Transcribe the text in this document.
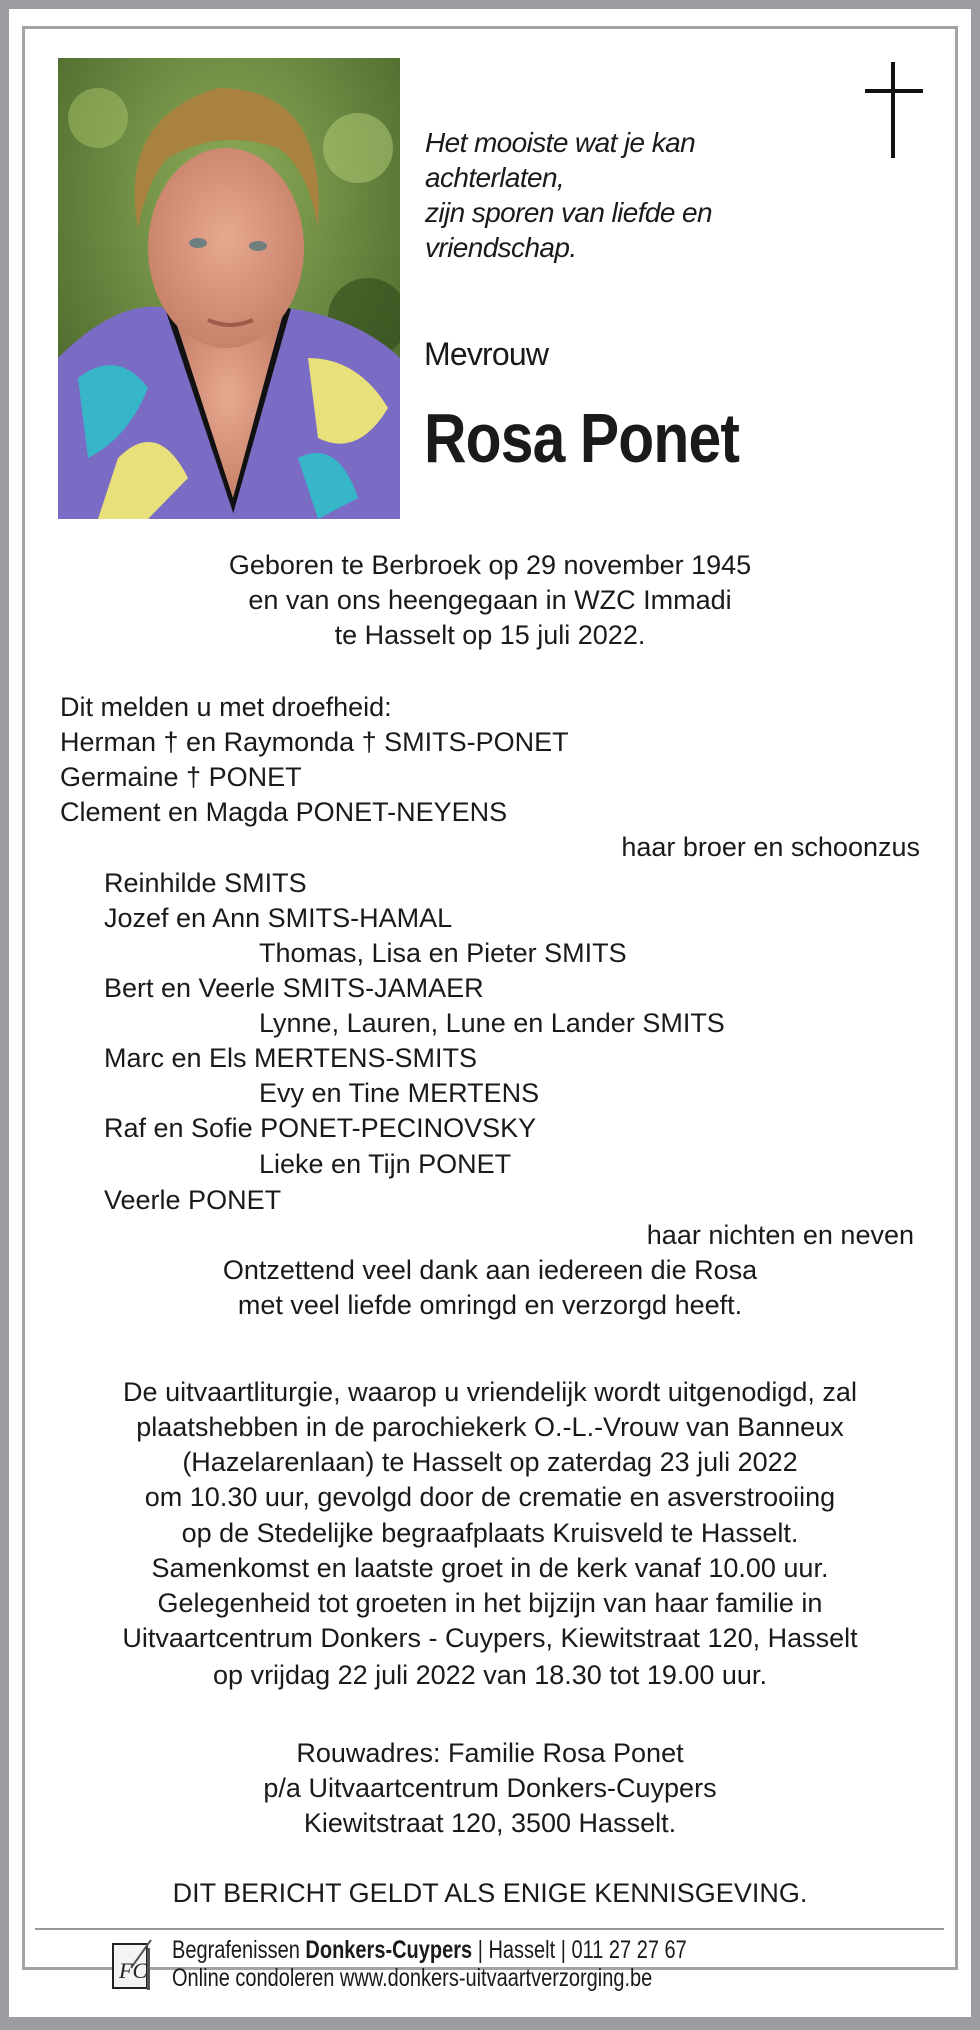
Het mooiste wat je kan
achterlaten,
zijn sporen van liefde en
vriendschap.
Mevrouw
Rosa Ponet
Geboren te Berbroek op 29 november 1945
en van ons heengegaan in WZC Immadi
te Hasselt op 15 juli 2022.
Dit melden u met droefheid:
Herman † en Raymonda † SMITS-PONET
Germaine † PONET
Clement en Magda PONET-NEYENS
haar broer en schoonzus
Reinhilde SMITS
Jozef en Ann SMITS-HAMAL
Thomas, Lisa en Pieter SMITS
Bert en Veerle SMITS-JAMAER
Lynne, Lauren, Lune en Lander SMITS
Marc en Els MERTENS-SMITS
Evy en Tine MERTENS
Raf en Sofie PONET-PECINOVSKY
Lieke en Tijn PONET
Veerle PONET
haar nichten en neven
Ontzettend veel dank aan iedereen die Rosa
met veel liefde omringd en verzorgd heeft.
De uitvaartliturgie, waarop u vriendelijk wordt uitgenodigd, zal
plaatshebben in de parochiekerk O.-L.-Vrouw van Banneux
(Hazelarenlaan) te Hasselt op zaterdag 23 juli 2022
om 10.30 uur, gevolgd door de crematie en asverstrooiing
op de Stedelijke begraafplaats Kruisveld te Hasselt.
Samenkomst en laatste groet in de kerk vanaf 10.00 uur.
Gelegenheid tot groeten in het bijzijn van haar familie in
Uitvaartcentrum Donkers - Cuypers, Kiewitstraat 120, Hasselt
op vrijdag 22 juli 2022 van 18.30 tot 19.00 uur.
Rouwadres: Familie Rosa Ponet
p/a Uitvaartcentrum Donkers-Cuypers
Kiewitstraat 120, 3500 Hasselt.
DIT BERICHT GELDT ALS ENIGE KENNISGEVING.
FC
Begrafenissen Donkers-Cuypers | Hasselt | 011 27 27 67
Online condoleren www.donkers-uitvaartverzorging.be
